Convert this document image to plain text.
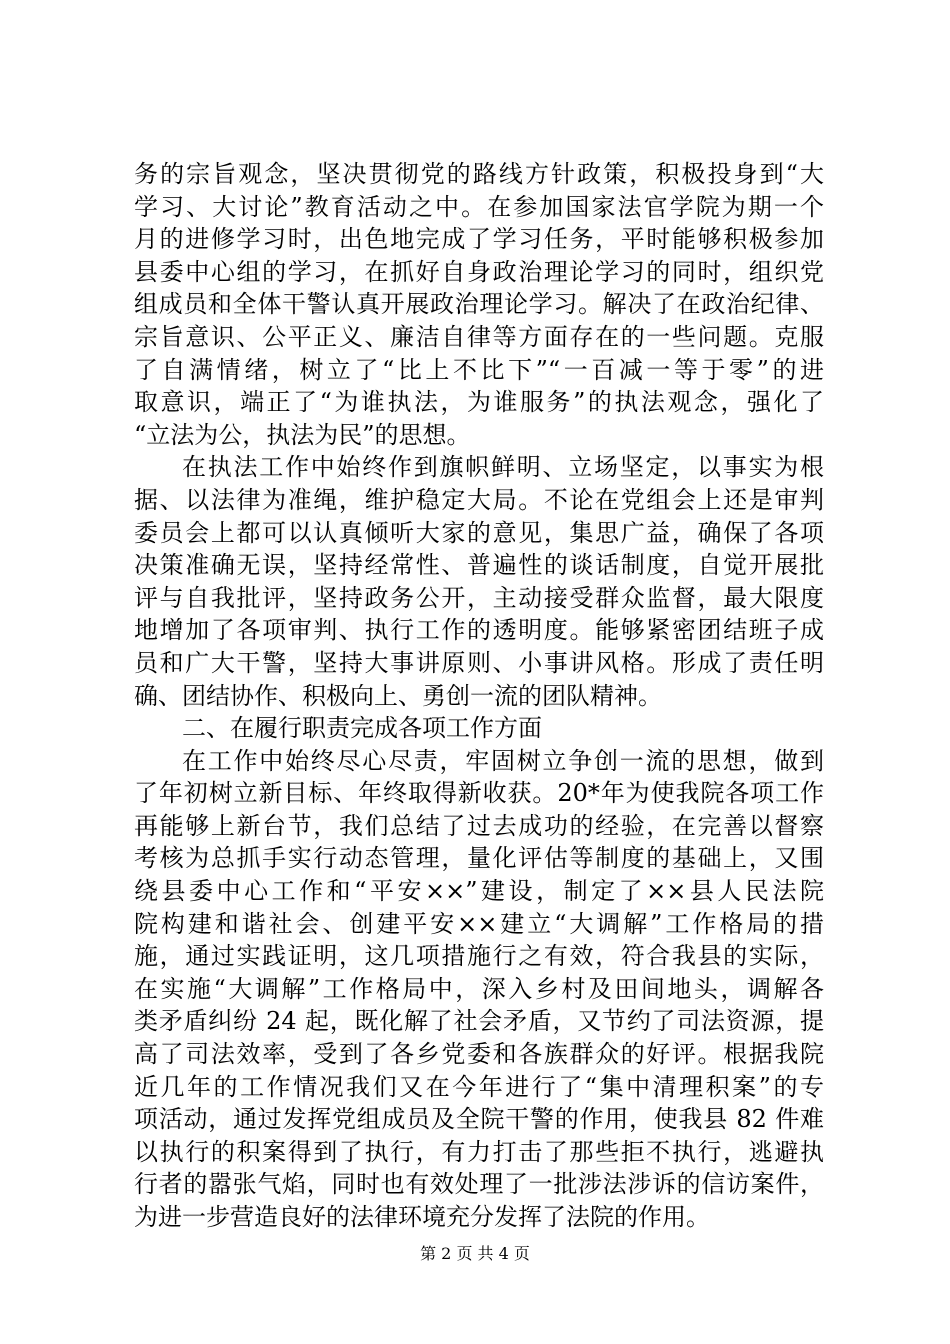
务的宗旨观念，坚决贯彻党的路线方针政策，积极投身到“大
学习、大讨论”教育活动之中。在参加国家法官学院为期一个
月的进修学习时，出色地完成了学习任务，平时能够积极参加
县委中心组的学习，在抓好自身政治理论学习的同时，组织党
组成员和全体干警认真开展政治理论学习。解决了在政治纪律、
宗旨意识、公平正义、廉洁自律等方面存在的一些问题。克服
了自满情绪，树立了“比上不比下”“一百减一等于零”的进
取意识，端正了“为谁执法，为谁服务”的执法观念，强化了
“立法为公，执法为民”的思想。
在执法工作中始终作到旗帜鲜明、立场坚定，以事实为根
据、以法律为准绳，维护稳定大局。不论在党组会上还是审判
委员会上都可以认真倾听大家的意见，集思广益，确保了各项
决策准确无误，坚持经常性、普遍性的谈话制度，自觉开展批
评与自我批评，坚持政务公开，主动接受群众监督，最大限度
地增加了各项审判、执行工作的透明度。能够紧密团结班子成
员和广大干警，坚持大事讲原则、小事讲风格。形成了责任明
确、团结协作、积极向上、勇创一流的团队精神。
二、在履行职责完成各项工作方面
在工作中始终尽心尽责，牢固树立争创一流的思想，做到
了年初树立新目标、年终取得新收获。20*年为使我院各项工作
再能够上新台节，我们总结了过去成功的经验，在完善以督察
考核为总抓手实行动态管理，量化评估等制度的基础上，又围
绕县委中心工作和“平安××”建设，制定了××县人民法院
院构建和谐社会、创建平安××建立“大调解”工作格局的措
施，通过实践证明，这几项措施行之有效，符合我县的实际，
在实施“大调解”工作格局中，深入乡村及田间地头，调解各
类矛盾纠纷 24 起，既化解了社会矛盾，又节约了司法资源，提
高了司法效率，受到了各乡党委和各族群众的好评。根据我院
近几年的工作情况我们又在今年进行了“集中清理积案”的专
项活动，通过发挥党组成员及全院干警的作用，使我县 82 件难
以执行的积案得到了执行，有力打击了那些拒不执行，逃避执
行者的嚣张气焰，同时也有效处理了一批涉法涉诉的信访案件，
为进一步营造良好的法律环境充分发挥了法院的作用。
第 2 页 共 4 页
